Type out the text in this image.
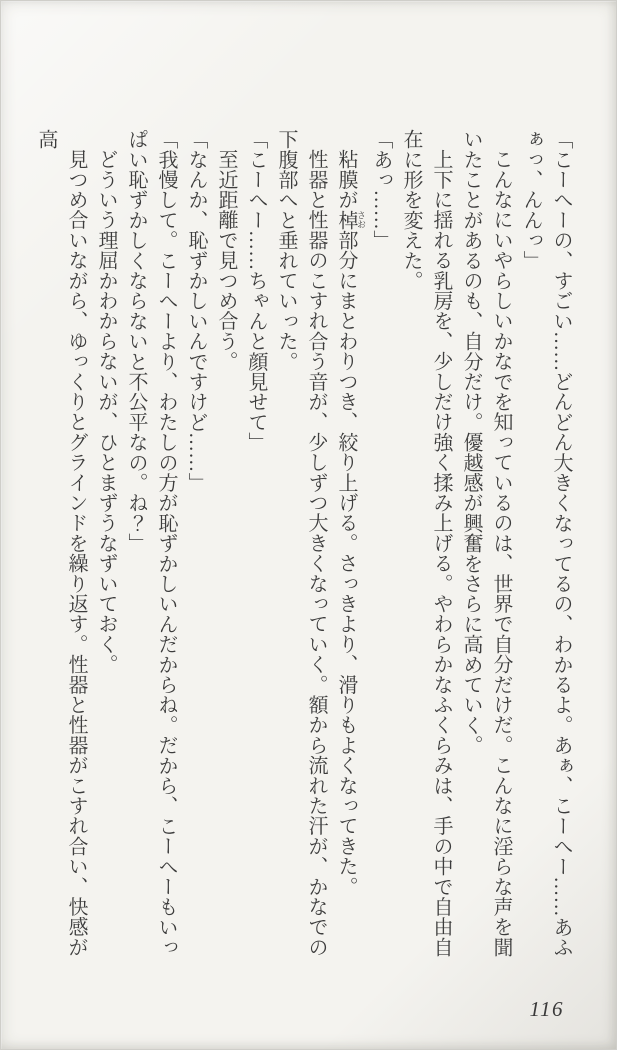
「こーへーの、すごい……どんどん大きくなってるの、わかるよ。あぁ、こーへー……あふぁっ、んんっ」

こんなにいやらしいかなでを知っているのは、世界で自分だけだ。こんなに淫らな声を聞いたことがあるのも、自分だけ。優越感が興奮をさらに高めていく。

上下に揺れる乳房を、少しだけ強く揉み上げる。やわらかなふくらみは、手の中で自由自在に形を変えた。

「あっ……」

粘膜が棹 さお部分にまとわりつき、絞り上げる。さっきより、滑りもよくなってきた。

性器と性器のこすれ合う音が、少しずつ大きくなっていく。額から流れた汗が、かなでの下腹部へと垂れていった。

「こーへー……ちゃんと顔見せて」

至近距離で見つめ合う。

「なんか、恥ずかしいんですけど……」

「我慢して。こーへーより、わたしの方が恥ずかしいんだからね。だから、こーへーもいっぱい恥ずかしくならないと不公平なの。ね？」

どういう理屈かわからないが、ひとまずうなずいておく。

見つめ合いながら、ゆっくりとグラインドを繰り返す。性器と性器がこすれ合い、快感が高

116
